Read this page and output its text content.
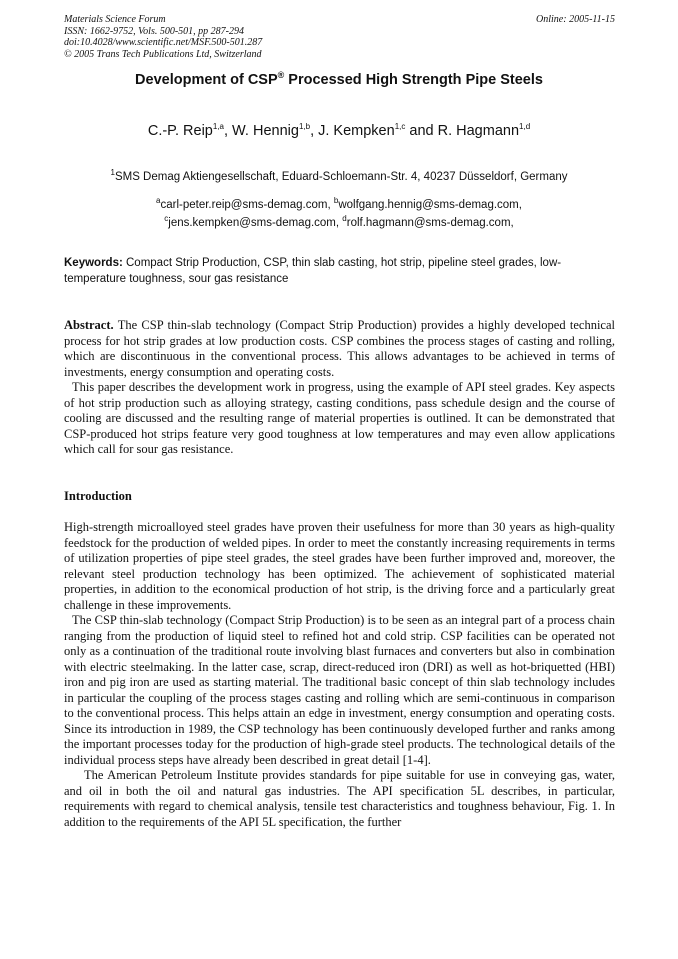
Materials Science Forum
ISSN: 1662-9752, Vols. 500-501, pp 287-294
doi:10.4028/www.scientific.net/MSF.500-501.287
© 2005 Trans Tech Publications Ltd, Switzerland
Online: 2005-11-15
Development of CSP® Processed High Strength Pipe Steels
C.-P. Reip$^{1,a}$, W. Hennig$^{1,b}$, J. Kempken$^{1,c}$ and R. Hagmann$^{1,d}$
$^1$SMS Demag Aktiengesellschaft, Eduard-Schloemann-Str. 4, 40237 Düsseldorf, Germany
$^a$carl-peter.reip@sms-demag.com, $^b$wolfgang.hennig@sms-demag.com,
$^c$jens.kempken@sms-demag.com, $^d$rolf.hagmann@sms-demag.com,
Keywords: Compact Strip Production, CSP, thin slab casting, hot strip, pipeline steel grades, low-temperature toughness, sour gas resistance

Abstract. The CSP thin-slab technology (Compact Strip Production) provides a highly developed technical process for hot strip grades at low production costs. CSP combines the process stages of casting and rolling, which are discontinuous in the conventional process. This allows advantages to be achieved in terms of investments, energy consumption and operating costs.

This paper describes the development work in progress, using the example of API steel grades. Key aspects of hot strip production such as alloying strategy, casting conditions, pass schedule design and the course of cooling are discussed and the resulting range of material properties is outlined. It can be demonstrated that CSP-produced hot strips feature very good toughness at low temperatures and may even allow applications which call for sour gas resistance.

Introduction

High-strength microalloyed steel grades have proven their usefulness for more than 30 years as high-quality feedstock for the production of welded pipes. In order to meet the constantly increasing requirements in terms of utilization properties of pipe steel grades, the steel grades have been further improved and, moreover, the relevant steel production technology has been optimized. The achievement of sophisticated material properties, in addition to the economical production of hot strip, is the driving force and a particularly great challenge in these improvements.

The CSP thin-slab technology (Compact Strip Production) is to be seen as an integral part of a process chain ranging from the production of liquid steel to refined hot and cold strip. CSP facilities can be operated not only as a continuation of the traditional route involving blast furnaces and converters but also in combination with electric steelmaking. In the latter case, scrap, direct-reduced iron (DRI) as well as hot-briquetted (HBI) iron and pig iron are used as starting material. The traditional basic concept of thin slab technology includes in particular the coupling of the process stages casting and rolling which are semi-continuous in comparison to the conventional process. This helps attain an edge in investment, energy consumption and operating costs. Since its introduction in 1989, the CSP technology has been continuously developed further and ranks among the important processes today for the production of high-grade steel products. The technological details of the individual process steps have already been described in great detail [1-4].

The American Petroleum Institute provides standards for pipe suitable for use in conveying gas, water, and oil in both the oil and natural gas industries. The API specification 5L describes, in particular, requirements with regard to chemical analysis, tensile test characteristics and toughness behaviour, Fig. 1. In addition to the requirements of the API 5L specification, the further
